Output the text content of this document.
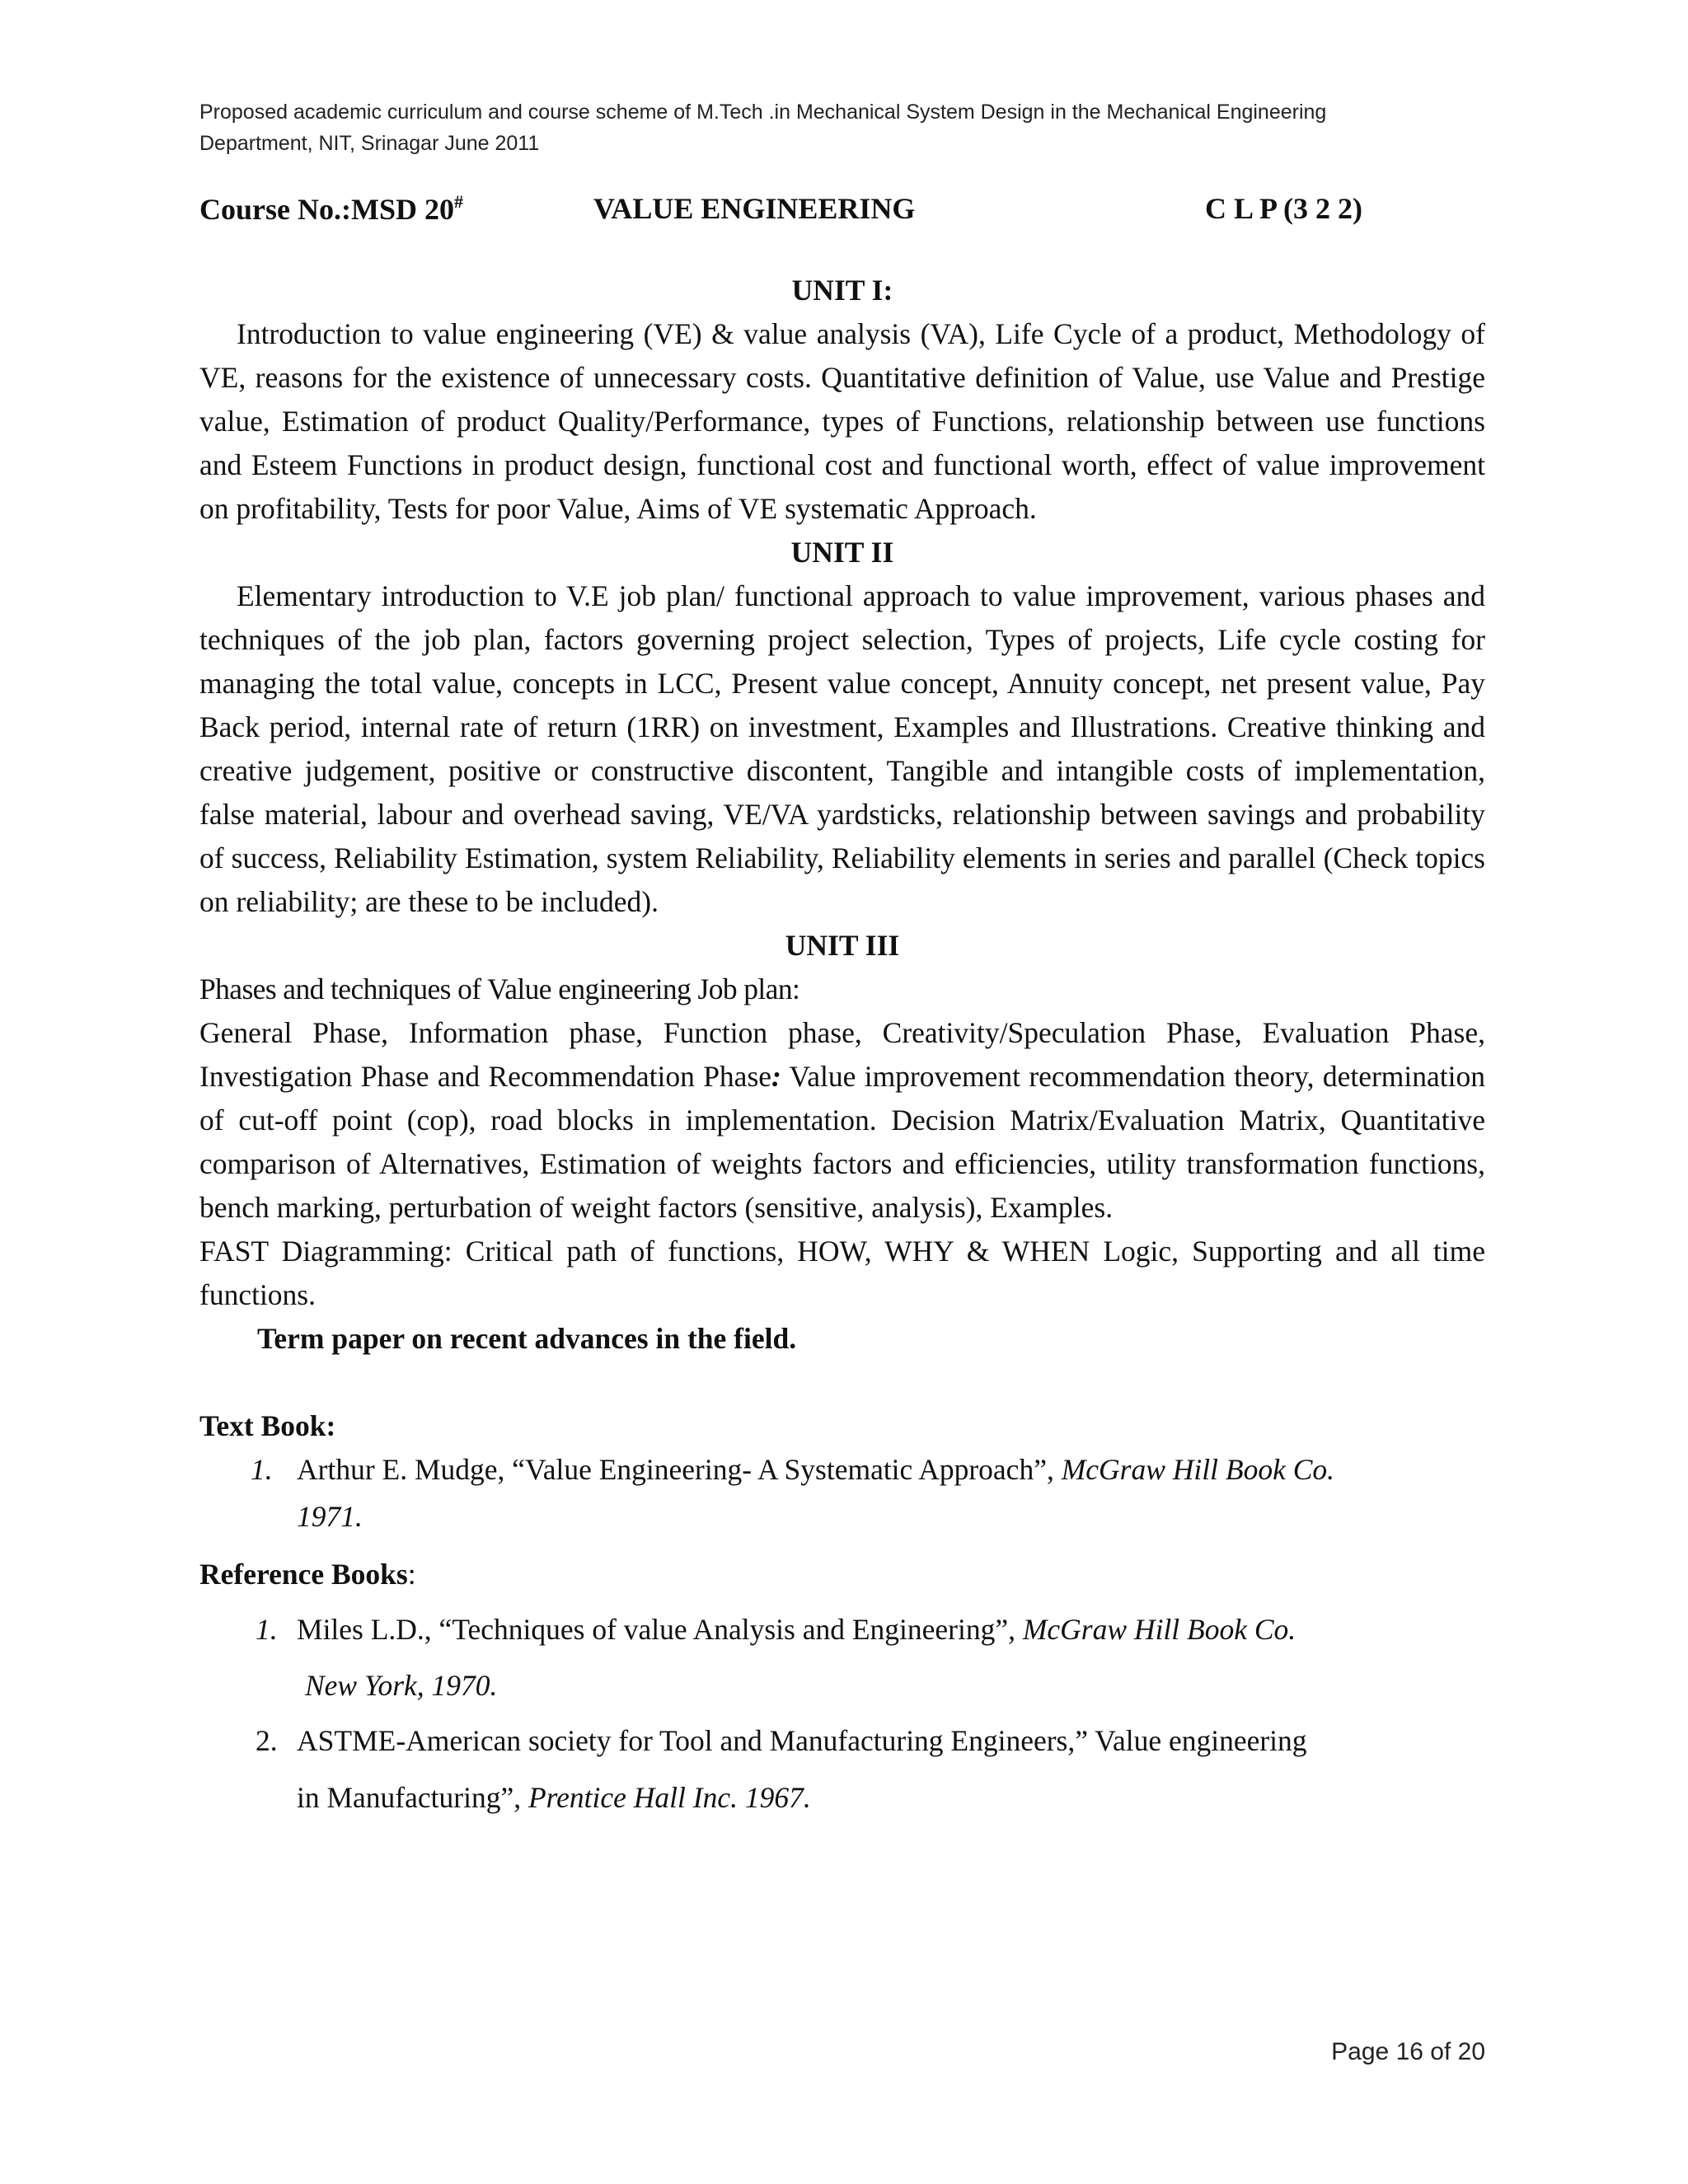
Proposed academic curriculum and course scheme of M.Tech .in Mechanical System Design in the Mechanical Engineering
Department, NIT, Srinagar June 2011
Course No.:MSD 20#	VALUE ENGINEERING	C L P (3 2 2)
UNIT I:

Introduction to value engineering (VE) & value analysis (VA), Life Cycle of a product, Methodology of VE, reasons for the existence of unnecessary costs. Quantitative definition of Value, use Value and Prestige value, Estimation of product Quality/Performance, types of Functions, relationship between use functions and Esteem Functions in product design, functional cost and functional worth, effect of value improvement on profitability, Tests for poor Value, Aims of VE systematic Approach.

UNIT II

Elementary introduction to V.E job plan/ functional approach to value improvement, various phases and techniques of the job plan, factors governing project selection, Types of projects, Life cycle costing for managing the total value, concepts in LCC, Present value concept, Annuity concept, net present value, Pay Back period, internal rate of return (1RR) on investment, Examples and Illustrations. Creative thinking and creative judgement, positive or constructive discontent, Tangible and intangible costs of implementation, false material, labour and overhead saving, VE/VA yardsticks, relationship between savings and probability of success, Reliability Estimation, system Reliability, Reliability elements in series and parallel (Check topics on reliability; are these to be included).

UNIT III
Phases and techniques of Value engineering Job plan:

General Phase, Information phase, Function phase, Creativity/Speculation Phase, Evaluation Phase, Investigation Phase and Recommendation Phase: Value improvement recommendation theory, determination of cut-off point (cop), road blocks in implementation. Decision Matrix/Evaluation Matrix, Quantitative comparison of Alternatives, Estimation of weights factors and efficiencies, utility transformation functions, bench marking, perturbation of weight factors (sensitive, analysis), Examples.

FAST Diagramming: Critical path of functions, HOW, WHY & WHEN Logic, Supporting and all time functions.

Term paper on recent advances in the field.
Text Book:
1. Arthur E. Mudge, “Value Engineering- A Systematic Approach”, McGraw Hill Book Co.
1971.
Reference Books:
1. Miles L.D., “Techniques of value Analysis and Engineering”, McGraw Hill Book Co.
New York, 1970.
2. ASTME-American society for Tool and Manufacturing Engineers,” Value engineering
in Manufacturing”, Prentice Hall Inc. 1967.
Page 16 of 20
